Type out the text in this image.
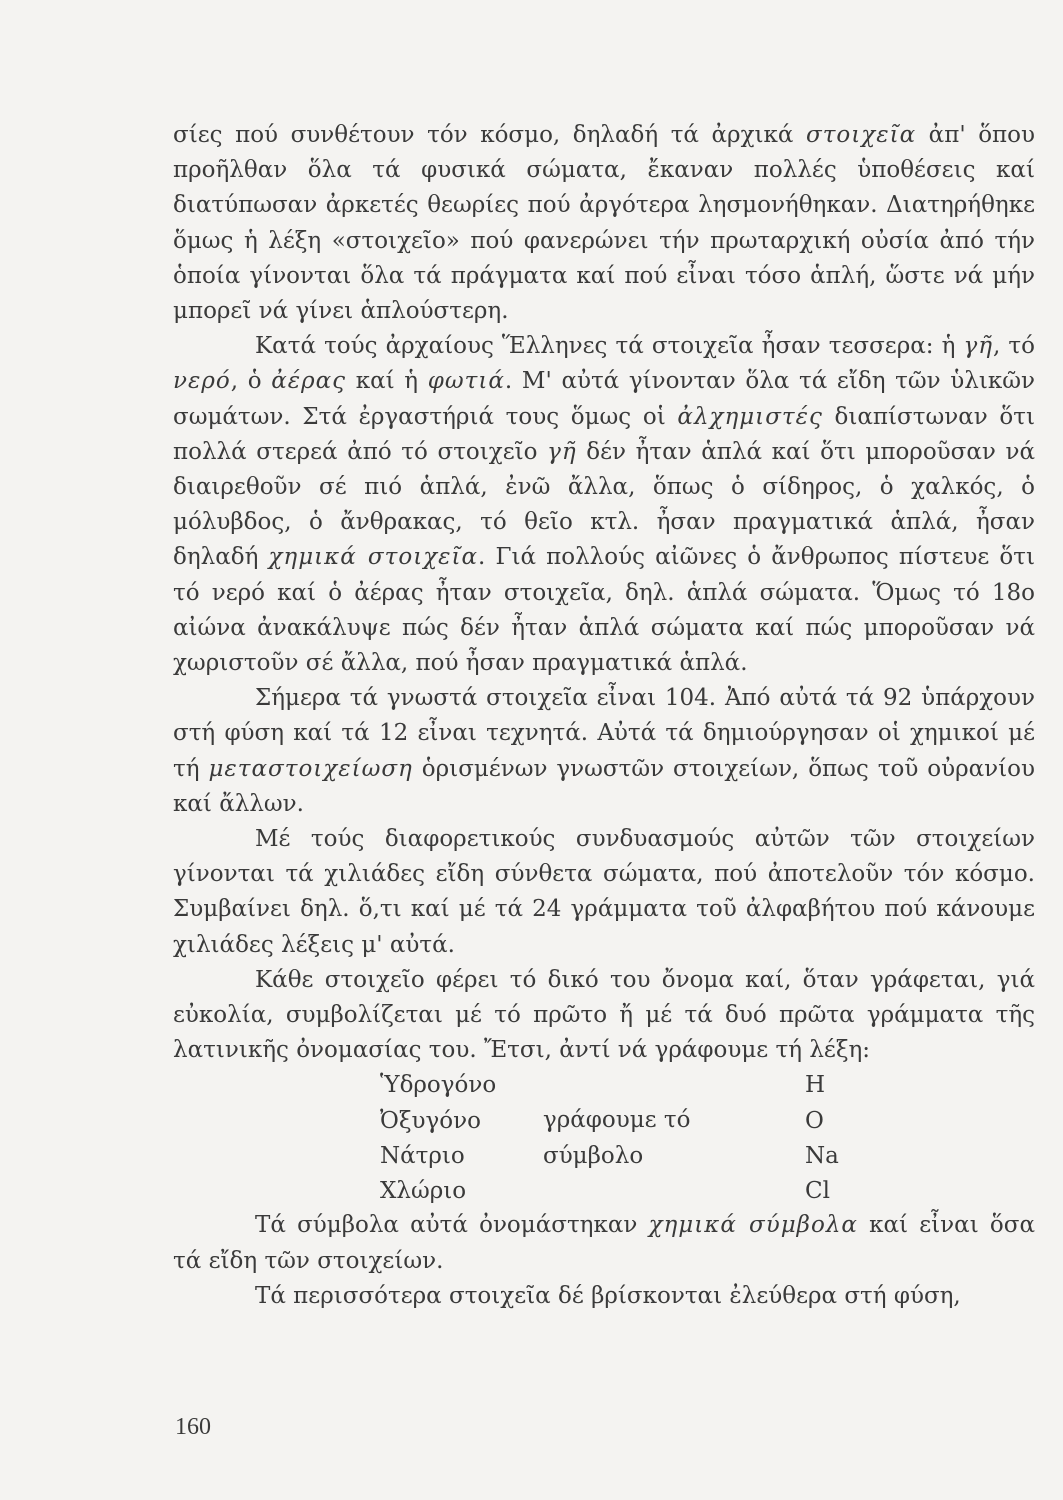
σίες πού συνθέτουν τόν κόσμο, δηλαδή τά ἀρχικά στοιχεῖα ἀπ' ὅπου προῆλθαν ὅλα τά φυσικά σώματα, ἔκαναν πολλές ὑποθέσεις καί διατύπωσαν ἀρκετές θεωρίες πού ἀργότερα λησμονήθηκαν. Διατηρήθηκε ὅμως ἡ λέξη «στοιχεῖο» πού φανερώνει τήν πρωταρχική οὐσία ἀπό τήν ὁποία γίνονται ὅλα τά πράγματα καί πού εἶναι τόσο ἁπλή, ὥστε νά μήν μπορεῖ νά γίνει ἁπλούστερη.

Κατά τούς ἀρχαίους Ἕλληνες τά στοιχεῖα ἦσαν τεσσερα: ἡ γῆ, τό νερό, ὁ ἀέρας καί ἡ φωτιά. Μ' αὐτά γίνονταν ὅλα τά εἴδη τῶν ὑλικῶν σωμάτων. Στά ἐργαστήριά τους ὅμως οἱ ἀλχημιστές διαπίστωναν ὅτι πολλά στερεά ἀπό τό στοιχεῖο γῆ δέν ἦταν ἁπλά καί ὅτι μποροῦσαν νά διαιρεθοῦν σέ πιό ἁπλά, ἐνῶ ἄλλα, ὅπως ὁ σίδηρος, ὁ χαλκός, ὁ μόλυβδος, ὁ ἄνθρακας, τό θεῖο κτλ. ἦσαν πραγματικά ἁπλά, ἦσαν δηλαδή χημικά στοιχεῖα. Γιά πολλούς αἰῶνες ὁ ἄνθρωπος πίστευε ὅτι τό νερό καί ὁ ἀέρας ἦταν στοιχεῖα, δηλ. ἁπλά σώματα. Ὅμως τό 18ο αἰώνα ἀνακάλυψε πώς δέν ἦταν ἁπλά σώματα καί πώς μποροῦσαν νά χωριστοῦν σέ ἄλλα, πού ἦσαν πραγματικά ἁπλά.

Σήμερα τά γνωστά στοιχεῖα εἶναι 104. Ἀπό αὐτά τά 92 ὑπάρχουν στή φύση καί τά 12 εἶναι τεχνητά. Αὐτά τά δημιούργησαν οἱ χημικοί μέ τή μεταστοιχείωση ὁρισμένων γνωστῶν στοιχείων, ὅπως τοῦ οὐρανίου καί ἄλλων.

Μέ τούς διαφορετικούς συνδυασμούς αὐτῶν τῶν στοιχείων γίνονται τά χιλιάδες εἴδη σύνθετα σώματα, πού ἀποτελοῦν τόν κόσμο. Συμβαίνει δηλ. ὅ,τι καί μέ τά 24 γράμματα τοῦ ἀλφαβήτου πού κάνουμε χιλιάδες λέξεις μ' αὐτά.

Κάθε στοιχεῖο φέρει τό δικό του ὄνομα καί, ὅταν γράφεται, γιά εὐκολία, συμβολίζεται μέ τό πρῶτο ἤ μέ τά δυό πρῶτα γράμματα τῆς λατινικῆς ὀνομασίας του. Ἔτσι, ἀντί νά γράφουμε τή λέξη:

Ὑδρογόνο
Ὀξυγόνο
Νάτριο
Χλώριο
γράφουμε τό
σύμβολο
H
O
Na
Cl

Τά σύμβολα αὐτά ὀνομάστηκαν χημικά σύμβολα καί εἶναι ὅσα τά εἴδη τῶν στοιχείων.

Τά περισσότερα στοιχεῖα δέ βρίσκονται ἐλεύθερα στή φύση,

160
